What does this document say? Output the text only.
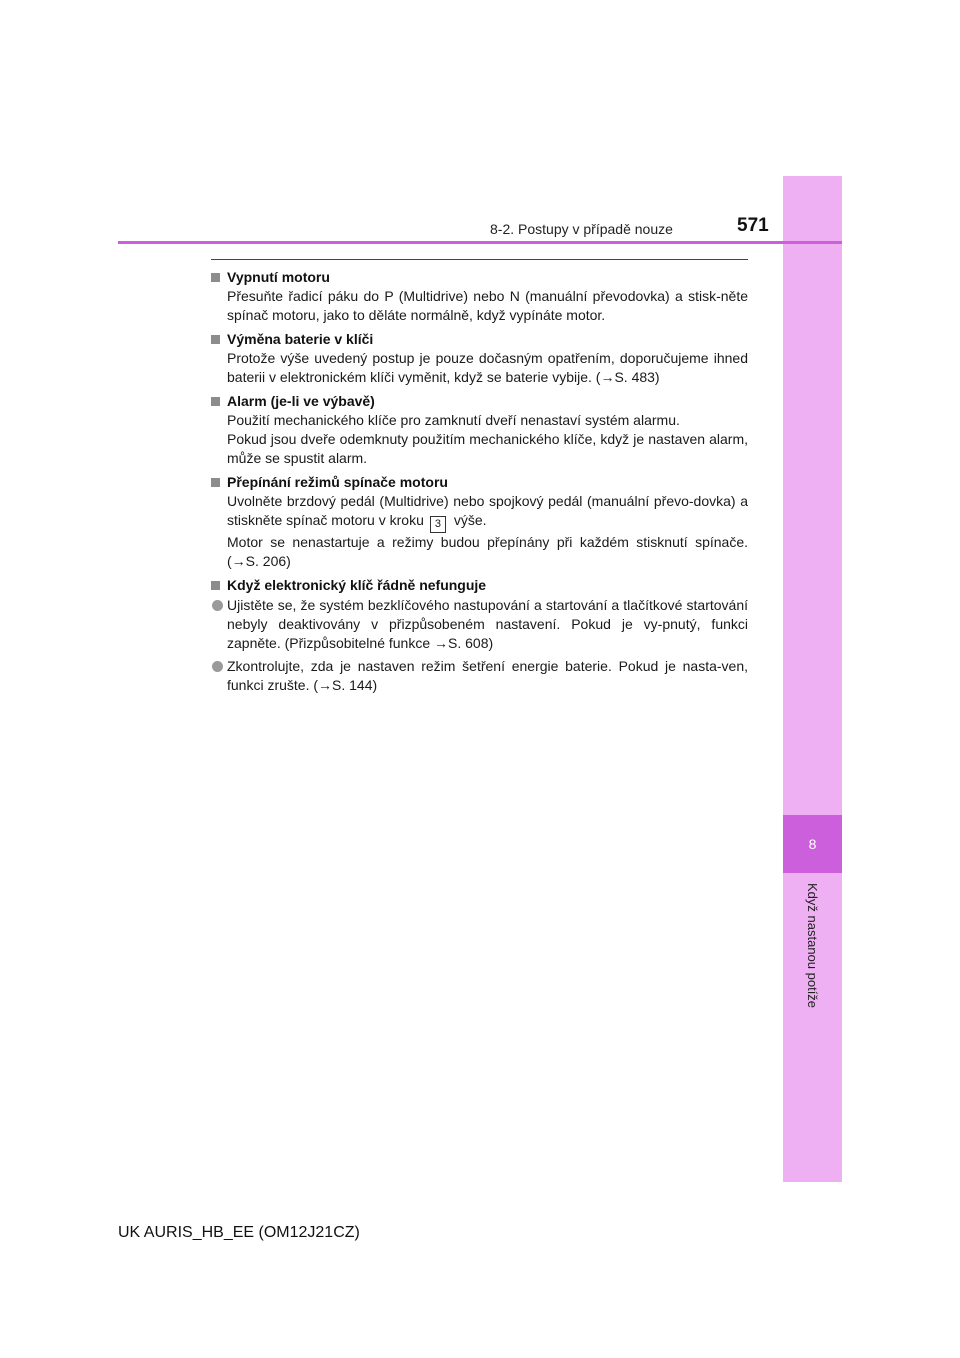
8
Když nastanou potíže
8-2. Postupy v případě nouze	571
Vypnutí motoru
Přesuňte řadicí páku do P (Multidrive) nebo N (manuální převodovka) a stisk-něte spínač motoru, jako to děláte normálně, když vypínáte motor.
Výměna baterie v klíči
Protože výše uvedený postup je pouze dočasným opatřením, doporučujeme ihned baterii v elektronickém klíči vyměnit, když se baterie vybije. (→S. 483)
Alarm (je-li ve výbavě)
Použití mechanického klíče pro zamknutí dveří nenastaví systém alarmu.
Pokud jsou dveře odemknuty použitím mechanického klíče, když je nastaven alarm, může se spustit alarm.
Přepínání režimů spínače motoru
Uvolněte brzdový pedál (Multidrive) nebo spojkový pedál (manuální převo-dovka) a stiskněte spínač motoru v kroku 3 výše.
Motor se nenastartuje a režimy budou přepínány při každém stisknutí spínače. (→S. 206)
Když elektronický klíč řádně nefunguje
Ujistěte se, že systém bezklíčového nastupování a startování a tlačítkové startování nebyly deaktivovány v přizpůsobeném nastavení. Pokud je vy-pnutý, funkci zapněte. (Přizpůsobitelné funkce →S. 608)
Zkontrolujte, zda je nastaven režim šetření energie baterie. Pokud je nasta-ven, funkci zrušte. (→S. 144)
UK AURIS_HB_EE (OM12J21CZ)
